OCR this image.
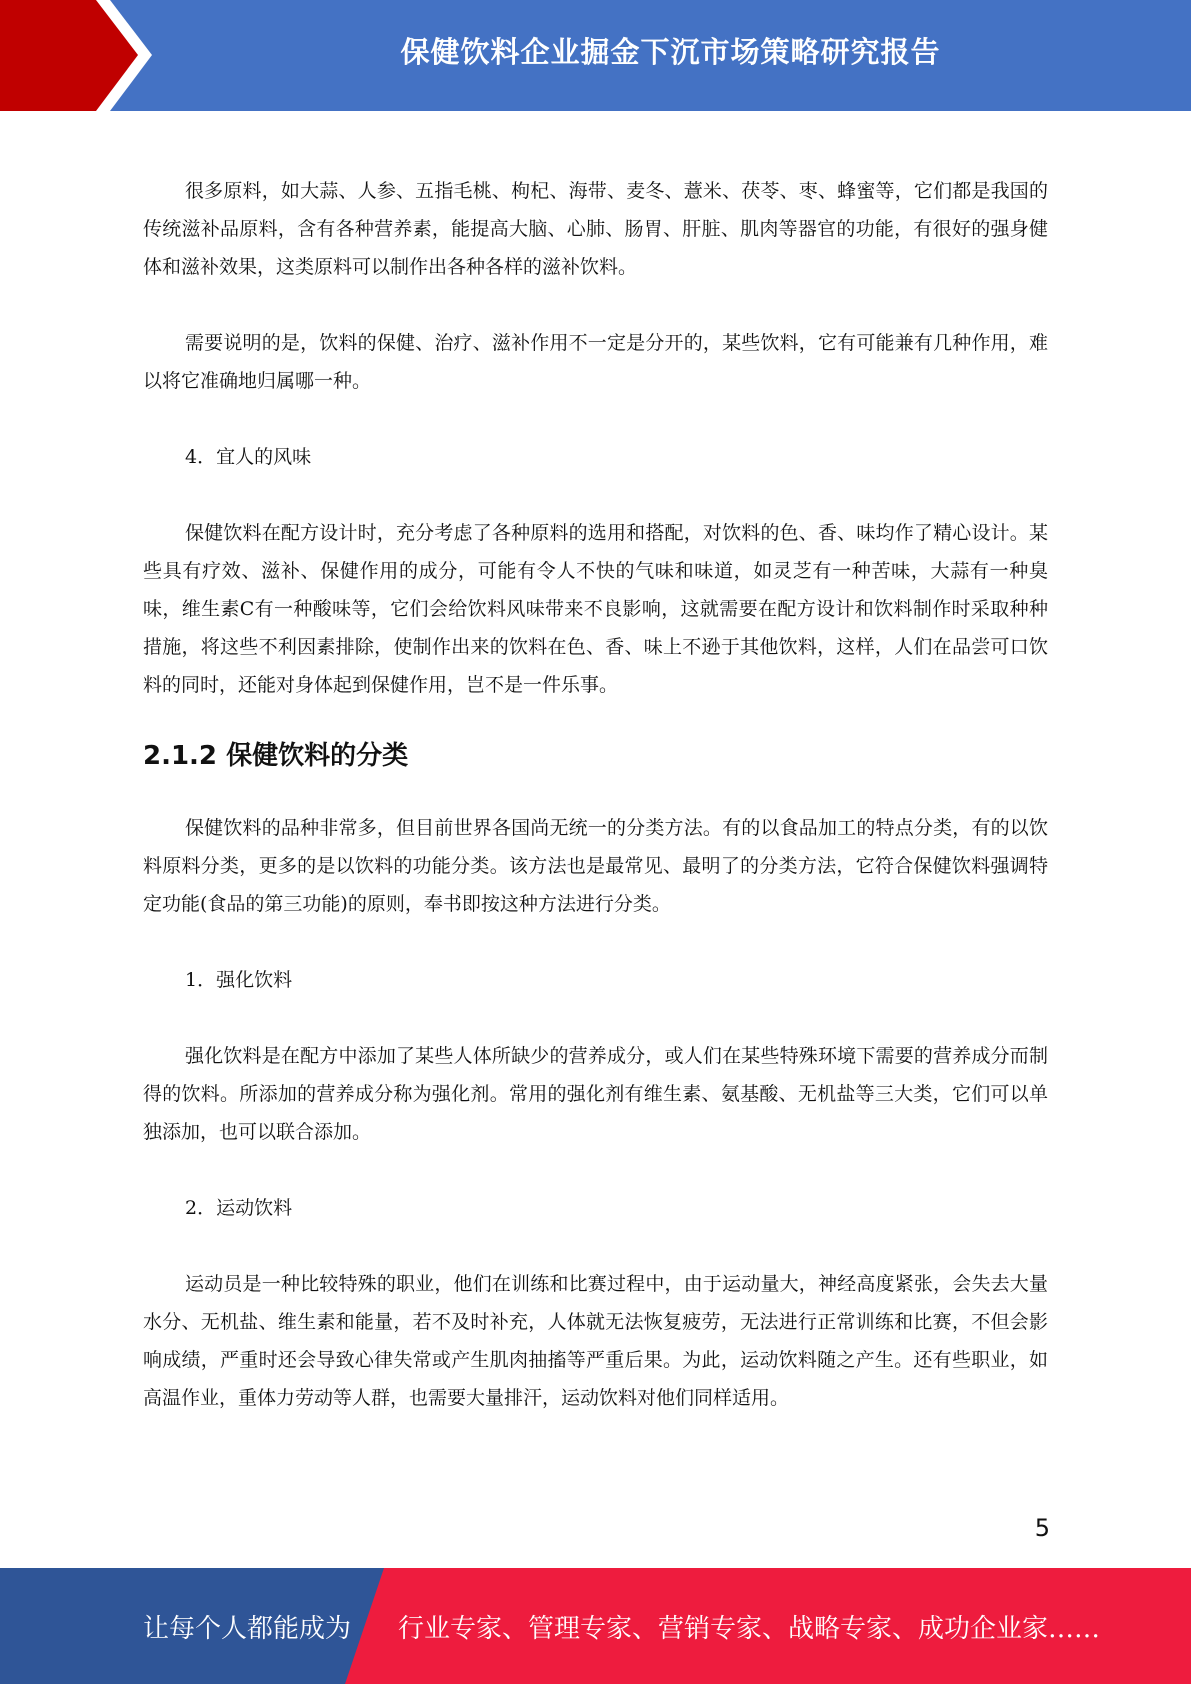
保健饮料企业掘金下沉市场策略研究报告

很多原料，如大蒜、人参、五指毛桃、枸杞、海带、麦冬、薏米、茯苓、枣、蜂蜜等，它们都是我国的传统滋补品原料，含有各种营养素，能提高大脑、心肺、肠胃、肝脏、肌肉等器官的功能，有很好的强身健体和滋补效果，这类原料可以制作出各种各样的滋补饮料。

需要说明的是，饮料的保健、治疗、滋补作用不一定是分开的，某些饮料，它有可能兼有几种作用，难以将它准确地归属哪一种。

4．宜人的风味

保健饮料在配方设计时，充分考虑了各种原料的选用和搭配，对饮料的色、香、味均作了精心设计。某些具有疗效、滋补、保健作用的成分，可能有令人不快的气味和味道，如灵芝有一种苦味，大蒜有一种臭味，维生素C有一种酸味等，它们会给饮料风味带来不良影响，这就需要在配方设计和饮料制作时采取种种措施，将这些不利因素排除，使制作出来的饮料在色、香、味上不逊于其他饮料，这样，人们在品尝可口饮料的同时，还能对身体起到保健作用，岂不是一件乐事。

2.1.2 保健饮料的分类

保健饮料的品种非常多，但目前世界各国尚无统一的分类方法。有的以食品加工的特点分类，有的以饮料原料分类，更多的是以饮料的功能分类。该方法也是最常见、最明了的分类方法，它符合保健饮料强调特定功能(食品的第三功能)的原则，奉书即按这种方法进行分类。

1．强化饮料

强化饮料是在配方中添加了某些人体所缺少的营养成分，或人们在某些特殊环境下需要的营养成分而制得的饮料。所添加的营养成分称为强化剂。常用的强化剂有维生素、氨基酸、无机盐等三大类，它们可以单独添加，也可以联合添加。

2．运动饮料

运动员是一种比较特殊的职业，他们在训练和比赛过程中，由于运动量大，神经高度紧张，会失去大量水分、无机盐、维生素和能量，若不及时补充，人体就无法恢复疲劳，无法进行正常训练和比赛，不但会影响成绩，严重时还会导致心律失常或产生肌肉抽搐等严重后果。为此，运动饮料随之产生。还有些职业，如高温作业，重体力劳动等人群，也需要大量排汗，运动饮料对他们同样适用。

5
让每个人都能成为 行业专家、管理专家、营销专家、战略专家、成功企业家……
